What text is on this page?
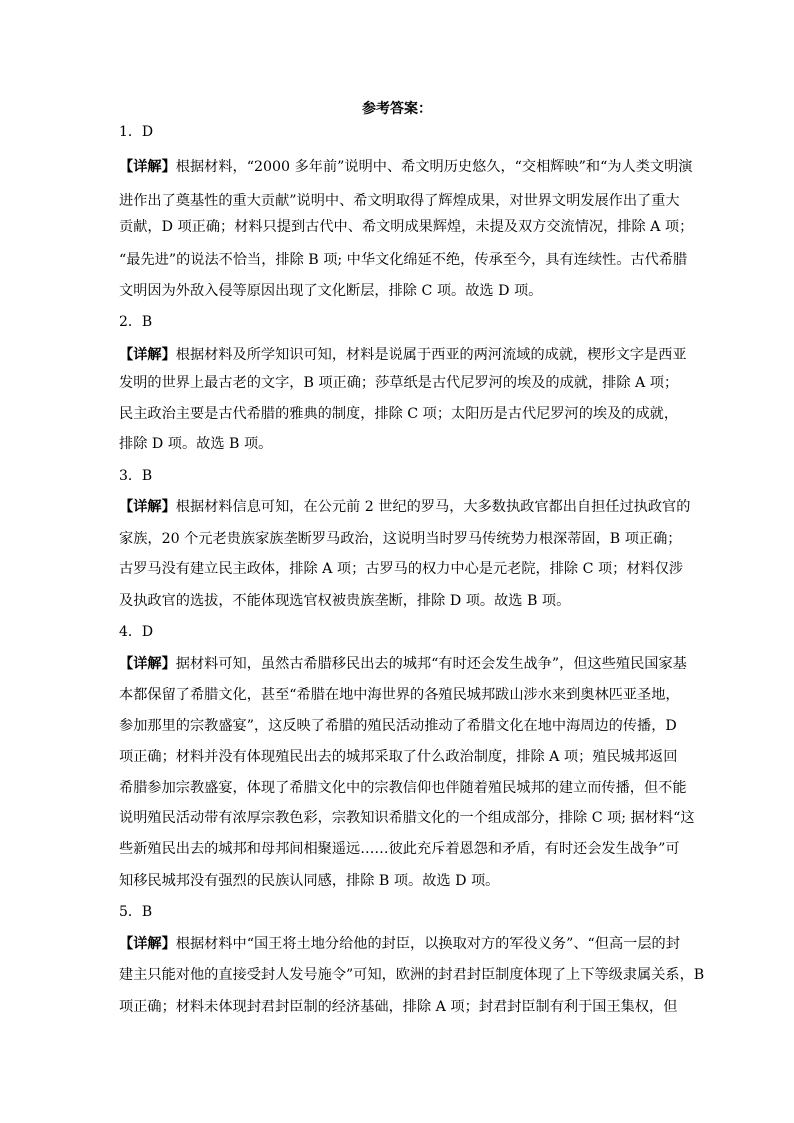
参考答案：
1．D
【详解】根据材料，“2000 多年前”说明中、希文明历史悠久，“交相辉映”和“为人类文明演
进作出了奠基性的重大贡献”说明中、希文明取得了辉煌成果，对世界文明发展作出了重大
贡献，D 项正确；材料只提到古代中、希文明成果辉煌，未提及双方交流情况，排除 A 项；
“最先进”的说法不恰当，排除 B 项; 中华文化绵延不绝，传承至今，具有连续性。古代希腊
文明因为外敌入侵等原因出现了文化断层，排除 C 项。故选 D 项。
2．B
【详解】根据材料及所学知识可知，材料是说属于西亚的两河流域的成就，楔形文字是西亚
发明的世界上最古老的文字，B 项正确；莎草纸是古代尼罗河的埃及的成就，排除 A 项；
民主政治主要是古代希腊的雅典的制度，排除 C 项；太阳历是古代尼罗河的埃及的成就，
排除 D 项。故选 B 项。
3．B
【详解】根据材料信息可知，在公元前 2 世纪的罗马，大多数执政官都出自担任过执政官的
家族，20 个元老贵族家族垄断罗马政治，这说明当时罗马传统势力根深蒂固，B 项正确；
古罗马没有建立民主政体，排除 A 项；古罗马的权力中心是元老院，排除 C 项；材料仅涉
及执政官的选拔，不能体现选官权被贵族垄断，排除 D 项。故选 B 项。
4．D
【详解】据材料可知，虽然古希腊移民出去的城邦“有时还会发生战争”，但这些殖民国家基
本都保留了希腊文化，甚至“希腊在地中海世界的各殖民城邦跋山涉水来到奥林匹亚圣地，
参加那里的宗教盛宴”，这反映了希腊的殖民活动推动了希腊文化在地中海周边的传播，D
项正确；材料并没有体现殖民出去的城邦采取了什么政治制度，排除 A 项；殖民城邦返回
希腊参加宗教盛宴，体现了希腊文化中的宗教信仰也伴随着殖民城邦的建立而传播，但不能
说明殖民活动带有浓厚宗教色彩，宗教知识希腊文化的一个组成部分，排除 C 项; 据材料“这
些新殖民出去的城邦和母邦间相聚遥远……彼此充斥着恩怨和矛盾，有时还会发生战争”可
知移民城邦没有强烈的民族认同感，排除 B 项。故选 D 项。
5．B
【详解】根据材料中“国王将土地分给他的封臣，以换取对方的军役义务”、“但高一层的封
建主只能对他的直接受封人发号施令”可知，欧洲的封君封臣制度体现了上下等级隶属关系，B
项正确；材料未体现封君封臣制的经济基础，排除 A 项；封君封臣制有利于国王集权，但
